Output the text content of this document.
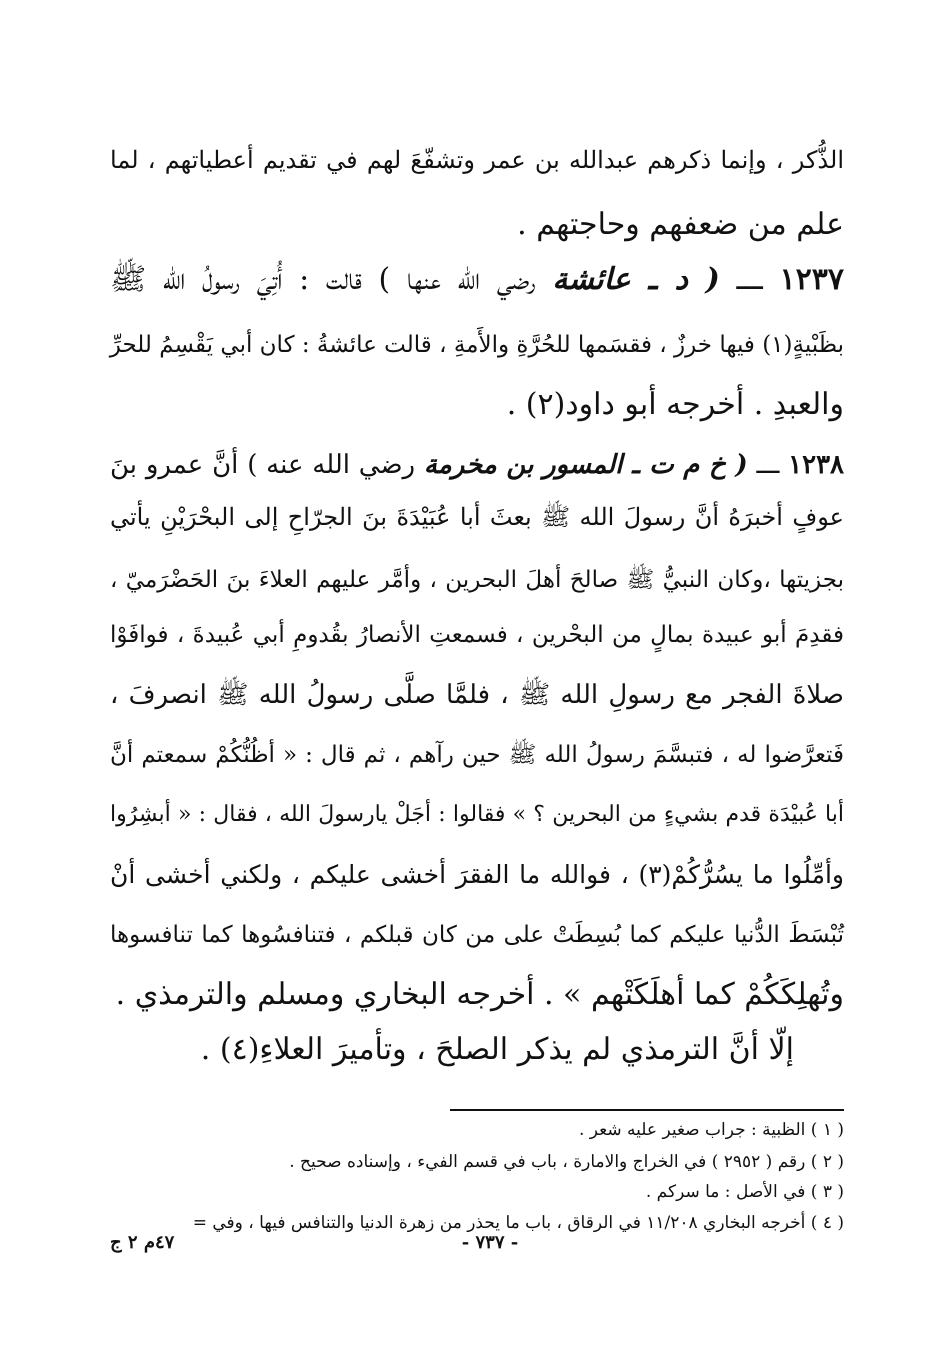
الذُّكر ، وإنما ذكرهم عبدالله بن عمر وتشفّعَ لهم في تقديم أعطياتهم ، لما
علم من ضعفهم وحاجتهم .
١٢٣٧ ـــ ( د ـ عائشة رضي الله عنها ) قالت : أُتِيَ رسولُ الله ﷺ
بظَبْيةٍ(١) فيها خرزٌ ، فقسَمها للحُرَّةِ والأَمةِ ، قالت عائشةُ : كان أبي يَقْسِمُ للحرِّ
والعبدِ . أخرجه أبو داود(٢) .
١٢٣٨ ـــ ( خ م ت ـ المسور بن مخرمة رضي الله عنه ) أنَّ عمرو بنَ
عوفٍ أخبرَهُ أنَّ رسولَ الله ﷺ بعثَ أبا عُبَيْدَةَ بنَ الجرّاحِ إلى البحْرَيْنِ يأتي
بجزيتها ،وكان النبيُّ ﷺ صالحَ أهلَ البحرين ، وأمَّر عليهم العلاءَ بنَ الحَضْرَميّ ،
فقدِمَ أبو عبيدة بمالٍ من البحْرين ، فسمعتِ الأنصارُ بقُدومِ أبي عُبيدةَ ، فوافَوْا
صلاةَ الفجر مع رسولِ الله ﷺ ، فلمَّا صلَّى رسولُ الله ﷺ انصرفَ ،
فَتعرَّضوا له ، فتبسَّمَ رسولُ الله ﷺ حين رآهم ، ثم قال : « أظُنُّكُمْ سمعتم أنَّ
أبا عُبيْدَة قدم بشيءٍ من البحرين ؟ » فقالوا : أجَلْ يارسولَ الله ، فقال : « أبشِرُوا
وأمِّلُوا ما يسُرُّكُمْ(٣) ، فوالله ما الفقرَ أخشى عليكم ، ولكني أخشى أنْ
تُبْسَطَ الدُّنيا عليكم كما بُسِطَتْ على من كان قبلكم ، فتنافسُوها كما تنافسوها
وتُهلِكَكُمْ كما أهلَكَتْهم » . أخرجه البخاري ومسلم والترمذي .
إلّا أنَّ الترمذي لم يذكر الصلحَ ، وتأميرَ العلاءِ(٤) .
( ١ ) الظبية : جراب صغير عليه شعر .
( ٢ ) رقم ( ٢٩٥٢ ) في الخراج والامارة ، باب في قسم الفيء ، وإسناده صحيح .
( ٣ ) في الأصل : ما سركم .
( ٤ ) أخرجه البخاري ١١/٢٠٨ في الرقاق ، باب ما يحذر من زهرة الدنيا والتنافس فيها ، وفي =
- ٧٣٧ -
٤٧م ٢ ج
